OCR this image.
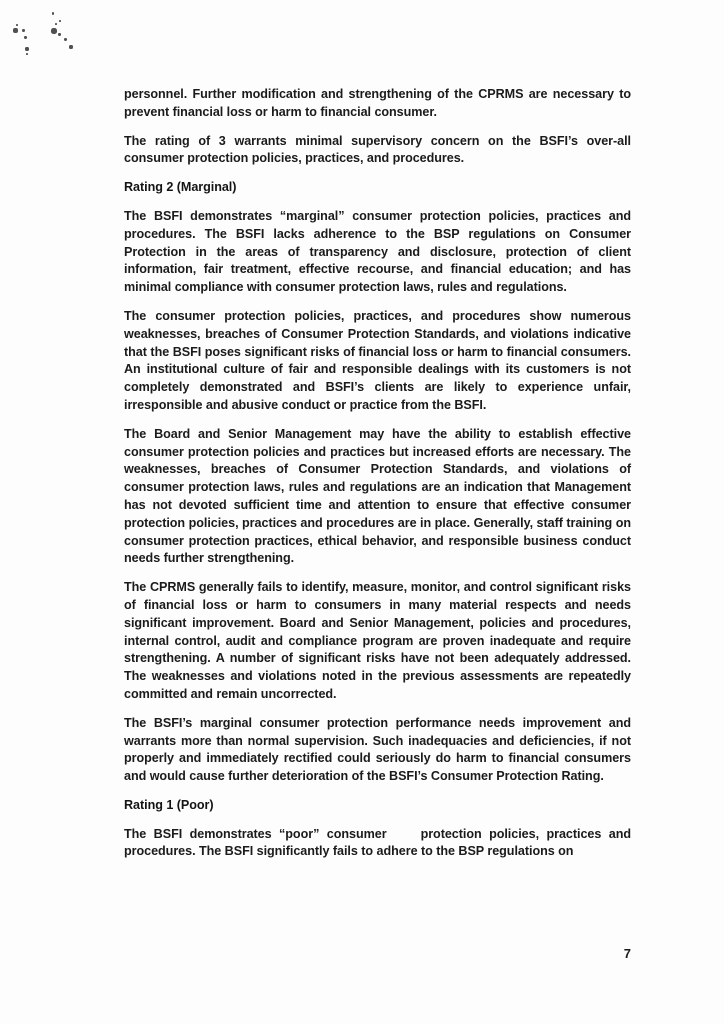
personnel. Further modification and strengthening of the CPRMS are necessary to prevent financial loss or harm to financial consumer.

The rating of 3 warrants minimal supervisory concern on the BSFI’s over-all consumer protection policies, practices, and procedures.

Rating 2 (Marginal)

The BSFI demonstrates “marginal” consumer protection policies, practices and procedures. The BSFI lacks adherence to the BSP regulations on Consumer Protection in the areas of transparency and disclosure, protection of client information, fair treatment, effective recourse, and financial education; and has minimal compliance with consumer protection laws, rules and regulations.

The consumer protection policies, practices, and procedures show numerous weaknesses, breaches of Consumer Protection Standards, and violations indicative that the BSFI poses significant risks of financial loss or harm to financial consumers. An institutional culture of fair and responsible dealings with its customers is not completely demonstrated and BSFI’s clients are likely to experience unfair, irresponsible and abusive conduct or practice from the BSFI.

The Board and Senior Management may have the ability to establish effective consumer protection policies and practices but increased efforts are necessary. The weaknesses, breaches of Consumer Protection Standards, and violations of consumer protection laws, rules and regulations are an indication that Management has not devoted sufficient time and attention to ensure that effective consumer protection policies, practices and procedures are in place. Generally, staff training on consumer protection practices, ethical behavior, and responsible business conduct needs further strengthening.

The CPRMS generally fails to identify, measure, monitor, and control significant risks of financial loss or harm to consumers in many material respects and needs significant improvement. Board and Senior Management, policies and procedures, internal control, audit and compliance program are proven inadequate and require strengthening. A number of significant risks have not been adequately addressed. The weaknesses and violations noted in the previous assessments are repeatedly committed and remain uncorrected.

The BSFI’s marginal consumer protection performance needs improvement and warrants more than normal supervision. Such inadequacies and deficiencies, if not properly and immediately rectified could seriously do harm to financial consumers and would cause further deterioration of the BSFI’s Consumer Protection Rating.

Rating 1 (Poor)

The BSFI demonstrates “poor” consumer	protection policies, practices and procedures. The BSFI significantly fails to adhere to the BSP regulations on

7
